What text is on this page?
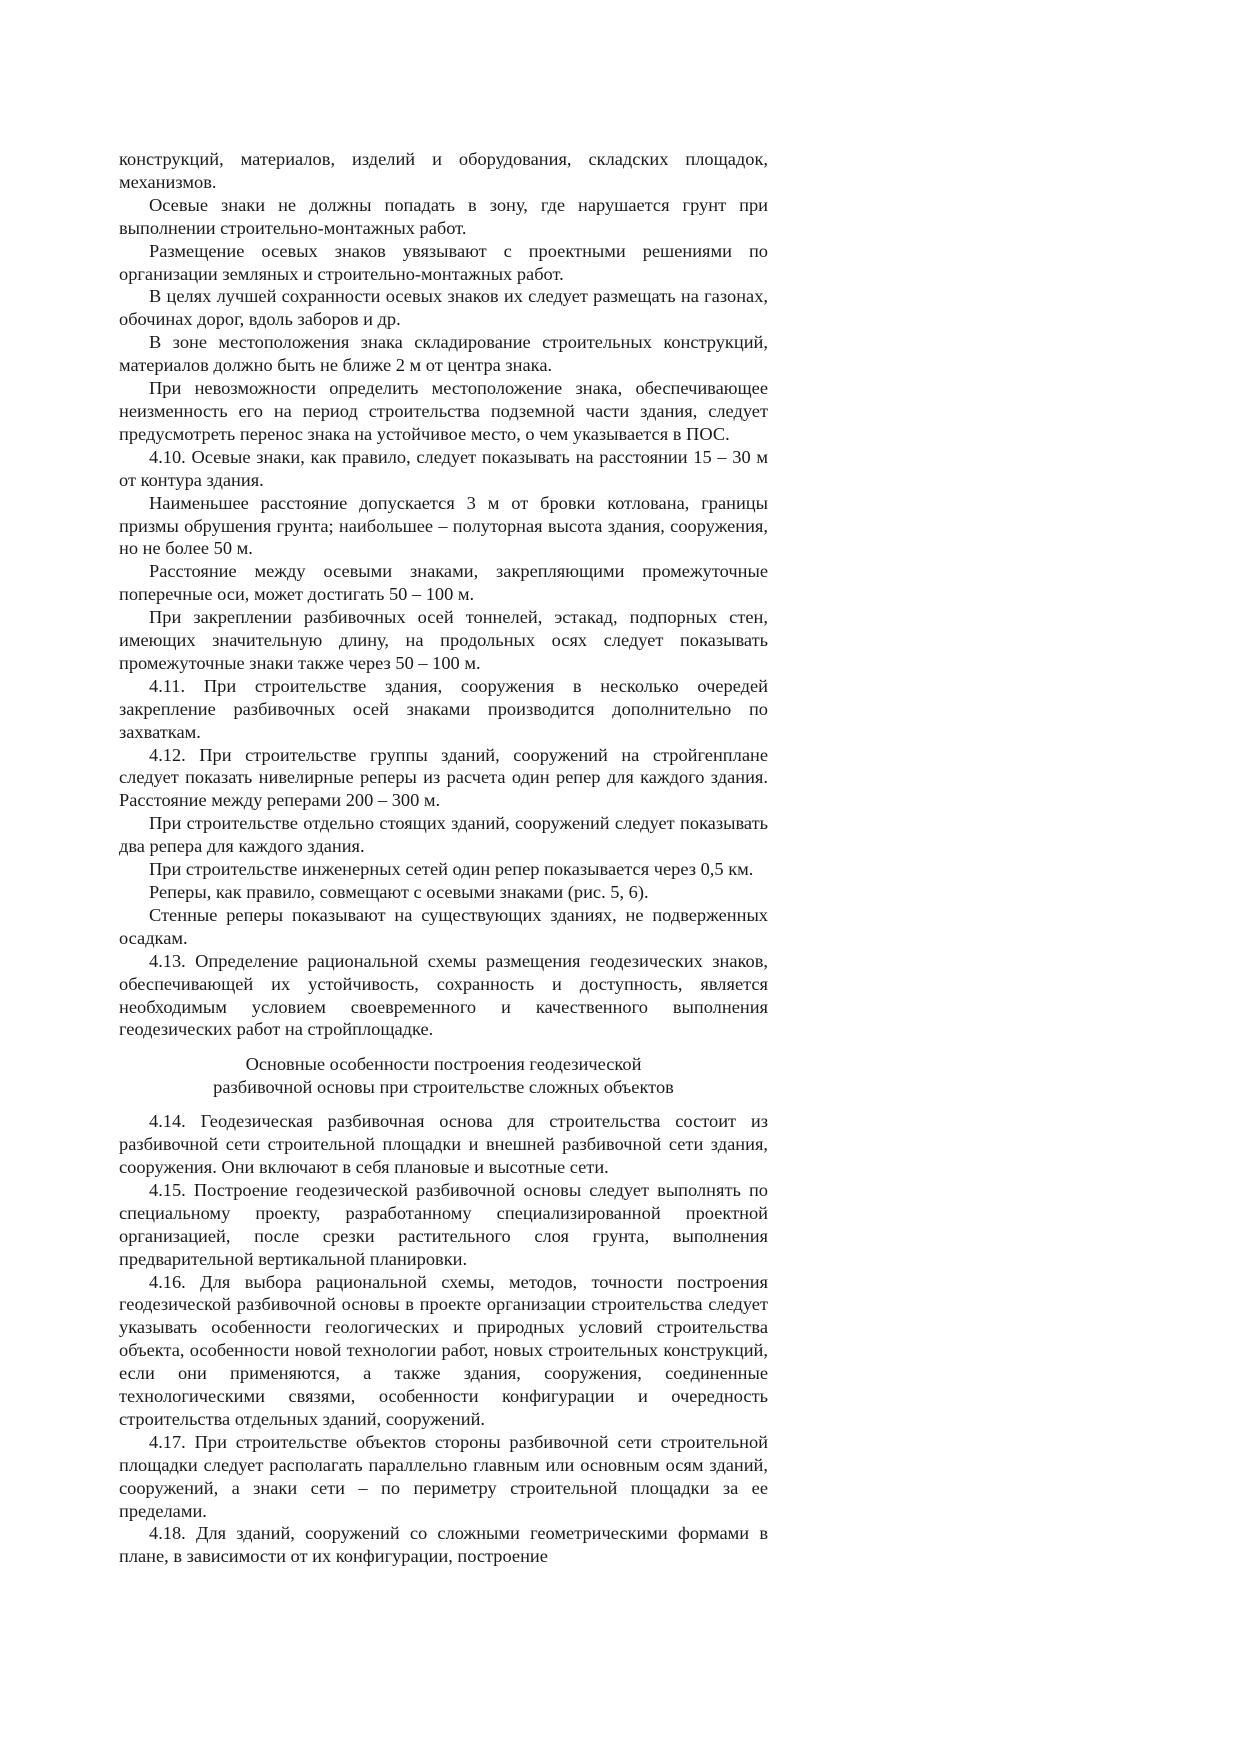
конструкций, материалов, изделий и оборудования, складских площадок, механизмов.

Осевые знаки не должны попадать в зону, где нарушается грунт при выполнении строительно-монтажных работ.

Размещение осевых знаков увязывают с проектными решениями по организации земляных и строительно-монтажных работ.

В целях лучшей сохранности осевых знаков их следует размещать на газонах, обочинах дорог, вдоль заборов и др.

В зоне местоположения знака складирование строительных конструкций, материалов должно быть не ближе 2 м от центра знака.

При невозможности определить местоположение знака, обеспечивающее неизменность его на период строительства подземной части здания, следует предусмотреть перенос знака на устойчивое место, о чем указывается в ПОС.

4.10. Осевые знаки, как правило, следует показывать на расстоянии 15 – 30 м от контура здания.

Наименьшее расстояние допускается 3 м от бровки котлована, границы призмы обрушения грунта; наибольшее – полуторная высота здания, сооружения, но не более 50 м.

Расстояние между осевыми знаками, закрепляющими промежуточные поперечные оси, может достигать 50 – 100 м.

При закреплении разбивочных осей тоннелей, эстакад, подпорных стен, имеющих значительную длину, на продольных осях следует показывать промежуточные знаки также через 50 – 100 м.

4.11. При строительстве здания, сооружения в несколько очередей закрепление разбивочных осей знаками производится дополнительно по захваткам.

4.12. При строительстве группы зданий, сооружений на стройгенплане следует показать нивелирные реперы из расчета один репер для каждого здания. Расстояние между реперами 200 – 300 м.

При строительстве отдельно стоящих зданий, сооружений следует показывать два репера для каждого здания.

При строительстве инженерных сетей один репер показывается через 0,5 км.

Реперы, как правило, совмещают с осевыми знаками (рис. 5, 6).

Стенные реперы показывают на существующих зданиях, не подверженных осадкам.

4.13. Определение рациональной схемы размещения геодезических знаков, обеспечивающей их устойчивость, сохранность и доступность, является необходимым условием своевременного и качественного выполнения геодезических работ на стройплощадке.

Основные особенности построения геодезической
разбивочной основы при строительстве сложных объектов

4.14. Геодезическая разбивочная основа для строительства состоит из разбивочной сети строительной площадки и внешней разбивочной сети здания, сооружения. Они включают в себя плановые и высотные сети.

4.15. Построение геодезической разбивочной основы следует выполнять по специальному проекту, разработанному специализированной проектной организацией, после срезки растительного слоя грунта, выполнения предварительной вертикальной планировки.

4.16. Для выбора рациональной схемы, методов, точности построения геодезической разбивочной основы в проекте организации строительства следует указывать особенности геологических и природных условий строительства объекта, особенности новой технологии работ, новых строительных конструкций, если они применяются, а также здания, сооружения, соединенные технологическими связями, особенности конфигурации и очередность строительства отдельных зданий, сооружений.

4.17. При строительстве объектов стороны разбивочной сети строительной площадки следует располагать параллельно главным или основным осям зданий, сооружений, а знаки сети – по периметру строительной площадки за ее пределами.

4.18. Для зданий, сооружений со сложными геометрическими формами в плане, в зависимости от их конфигурации, построение
